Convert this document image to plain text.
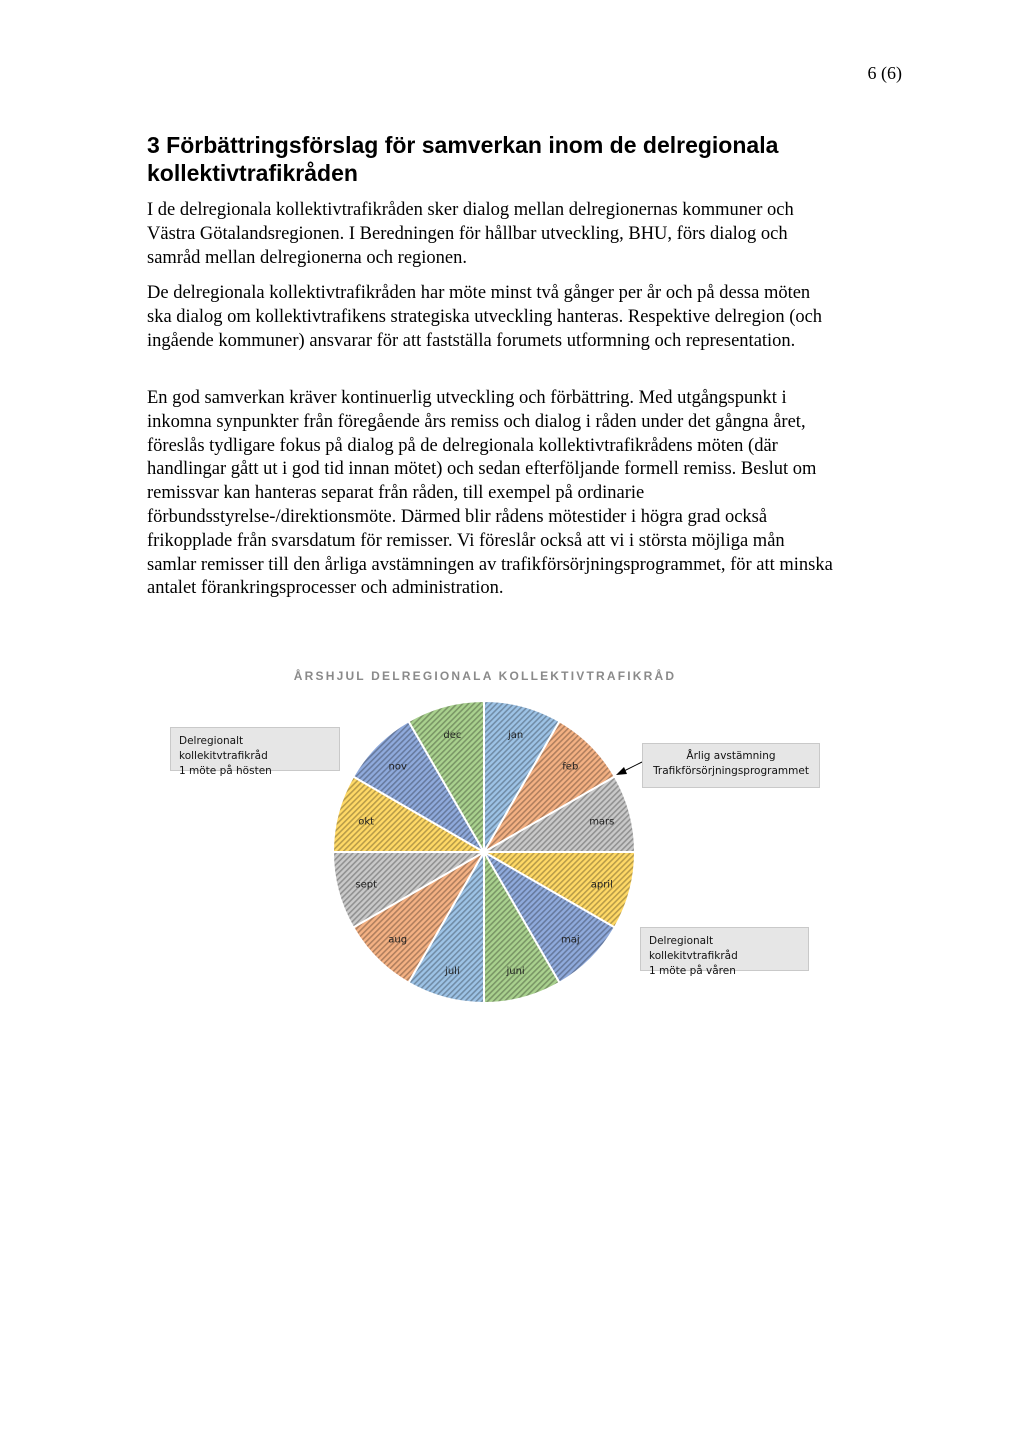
6 (6)
3 Förbättringsförslag för samverkan inom de delregionala kollektivtrafikråden

I de delregionala kollektivtrafikråden sker dialog mellan delregionernas kommuner och Västra Götalandsregionen. I Beredningen för hållbar utveckling, BHU, förs dialog och samråd mellan delregionerna och regionen.

De delregionala kollektivtrafikråden har möte minst två gånger per år och på dessa möten ska dialog om kollektivtrafikens strategiska utveckling hanteras. Respektive delregion (och ingående kommuner) ansvarar för att fastställa forumets utformning och representation.

En god samverkan kräver kontinuerlig utveckling och förbättring. Med utgångspunkt i inkomna synpunkter från föregående års remiss och dialog i råden under det gångna året, föreslås tydligare fokus på dialog på de delregionala kollektivtrafikrådens möten (där handlingar gått ut i god tid innan mötet) och sedan efterföljande formell remiss. Beslut om remissvar kan hanteras separat från råden, till exempel på ordinarie förbundsstyrelse-/direktionsmöte. Därmed blir rådens mötestider i högra grad också frikopplade från svarsdatum för remisser. Vi föreslår också att vi i största möjliga mån samlar remisser till den årliga avstämningen av trafikförsörjningsprogrammet, för att minska antalet förankringsprocesser och administration.

ÅRSHJUL DELREGIONALA KOLLEKTIVTRAFIKRÅD
jan
feb
mars
april
maj
juni
juli
aug
sept
okt
nov
dec
Delregionalt kollekitvtrafikråd
1 möte på hösten
Årlig avstämning
Trafikförsörjningsprogrammet
Delregionalt kollekitvtrafikråd
1 möte på våren
